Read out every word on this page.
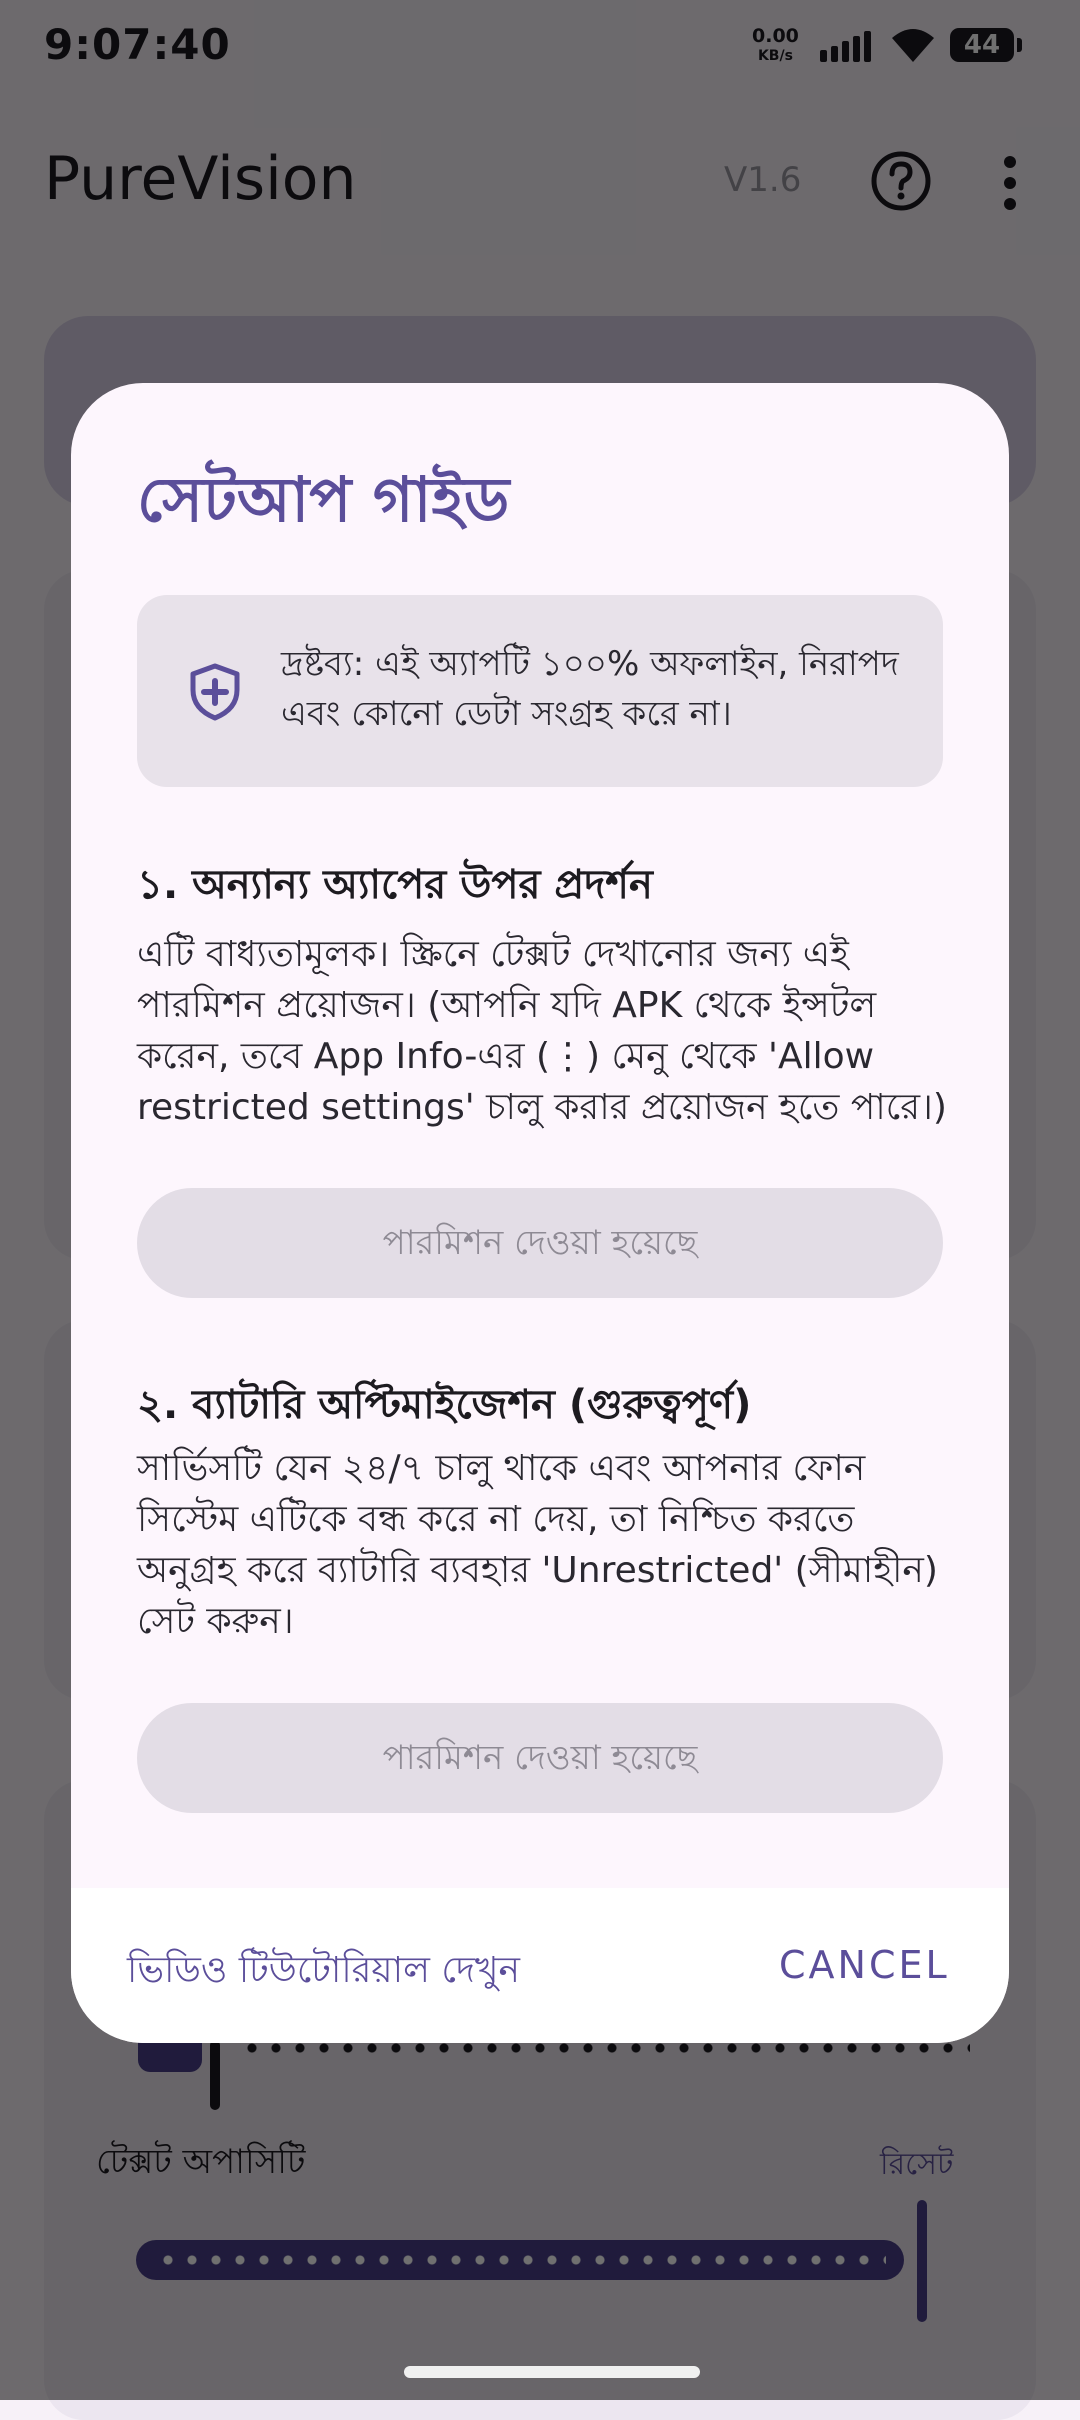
সেটআপ গাইড
দ্রষ্টব্য: এই অ্যাপটি ১০০% অফলাইন, নিরাপদ এবং কোনো ডেটা সংগ্রহ করে না।
১. অন্যান্য অ্যাপের উপর প্রদর্শন
এটি বাধ্যতামূলক। স্ক্রিনে টেক্সট দেখানোর জন্য এই পারমিশন প্রয়োজন। (আপনি যদি APK থেকে ইন্সটল করেন, তবে App Info-এর (⋮) মেনু থেকে 'Allow restricted settings' চালু করার প্রয়োজন হতে পারে।)
পারমিশন দেওয়া হয়েছে
২. ব্যাটারি অপ্টিমাইজেশন (গুরুত্বপূর্ণ)
সার্ভিসটি যেন ২৪/৭ চালু থাকে এবং আপনার ফোন সিস্টেম এটিকে বন্ধ করে না দেয়, তা নিশ্চিত করতে অনুগ্রহ করে ব্যাটারি ব্যবহার 'Unrestricted' (সীমাহীন) সেট করুন।
পারমিশন দেওয়া হয়েছে
ভিডিও টিউটোরিয়াল দেখুন	CANCEL
